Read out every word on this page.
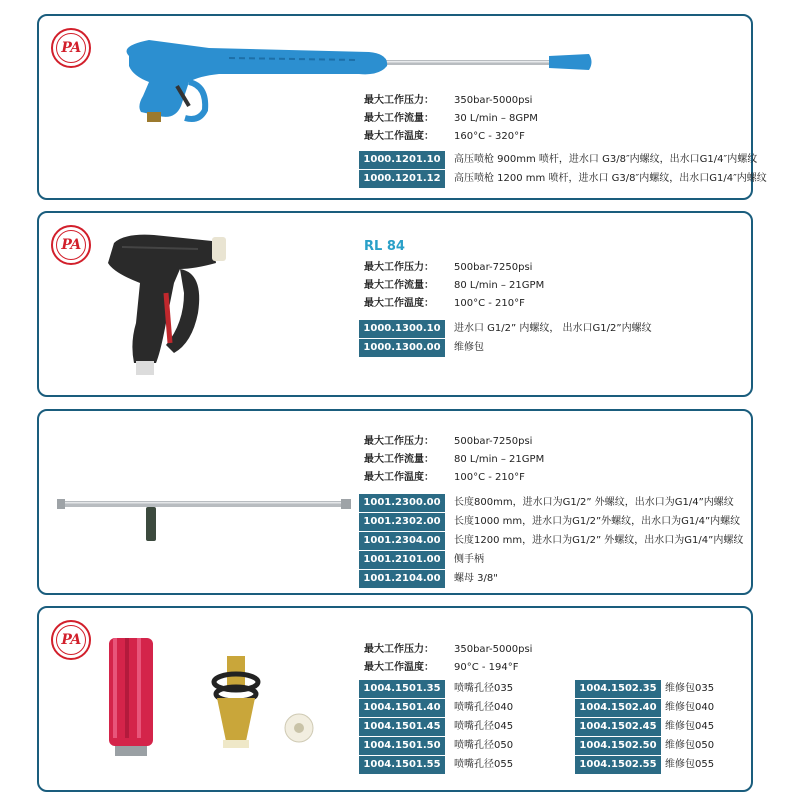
PA
最大工作压力：	350bar-5000psi
最大工作流量：	30 L/min – 8GPM
最大工作温度：	160°C - 320°F
1000.1201.10	高压喷枪 900mm 喷杆，进水口 G3/8″内螺纹，出水口G1/4″内螺纹
1000.1201.12	高压喷枪 1200 mm 喷杆，进水口 G3/8″内螺纹，出水口G1/4″内螺纹
PA	RL 84
最大工作压力：	500bar-7250psi
最大工作流量：	80 L/min – 21GPM
最大工作温度：	100°C - 210°F
1000.1300.10	进水口 G1/2” 内螺纹， 出水口G1/2”内螺纹
1000.1300.00	维修包
最大工作压力：	500bar-7250psi
最大工作流量：	80 L/min – 21GPM
最大工作温度：	100°C - 210°F
1001.2300.00	长度800mm，进水口为G1/2” 外螺纹，出水口为G1/4”内螺纹
1001.2302.00	长度1000 mm，进水口为G1/2”外螺纹，出水口为G1/4”内螺纹
1001.2304.00	长度1200 mm，进水口为G1/2” 外螺纹，出水口为G1/4”内螺纹
1001.2101.00	侧手柄
1001.2104.00	螺母 3/8"
PA
最大工作压力：	350bar-5000psi
最大工作温度：	90°C - 194°F
1004.1501.35	喷嘴孔径035
1004.1501.40	喷嘴孔径040
1004.1501.45	喷嘴孔径045
1004.1501.50	喷嘴孔径050
1004.1501.55	喷嘴孔径055
1004.1502.35 维修包035
1004.1502.40 维修包040
1004.1502.45 维修包045
1004.1502.50 维修包050
1004.1502.55 维修包055
